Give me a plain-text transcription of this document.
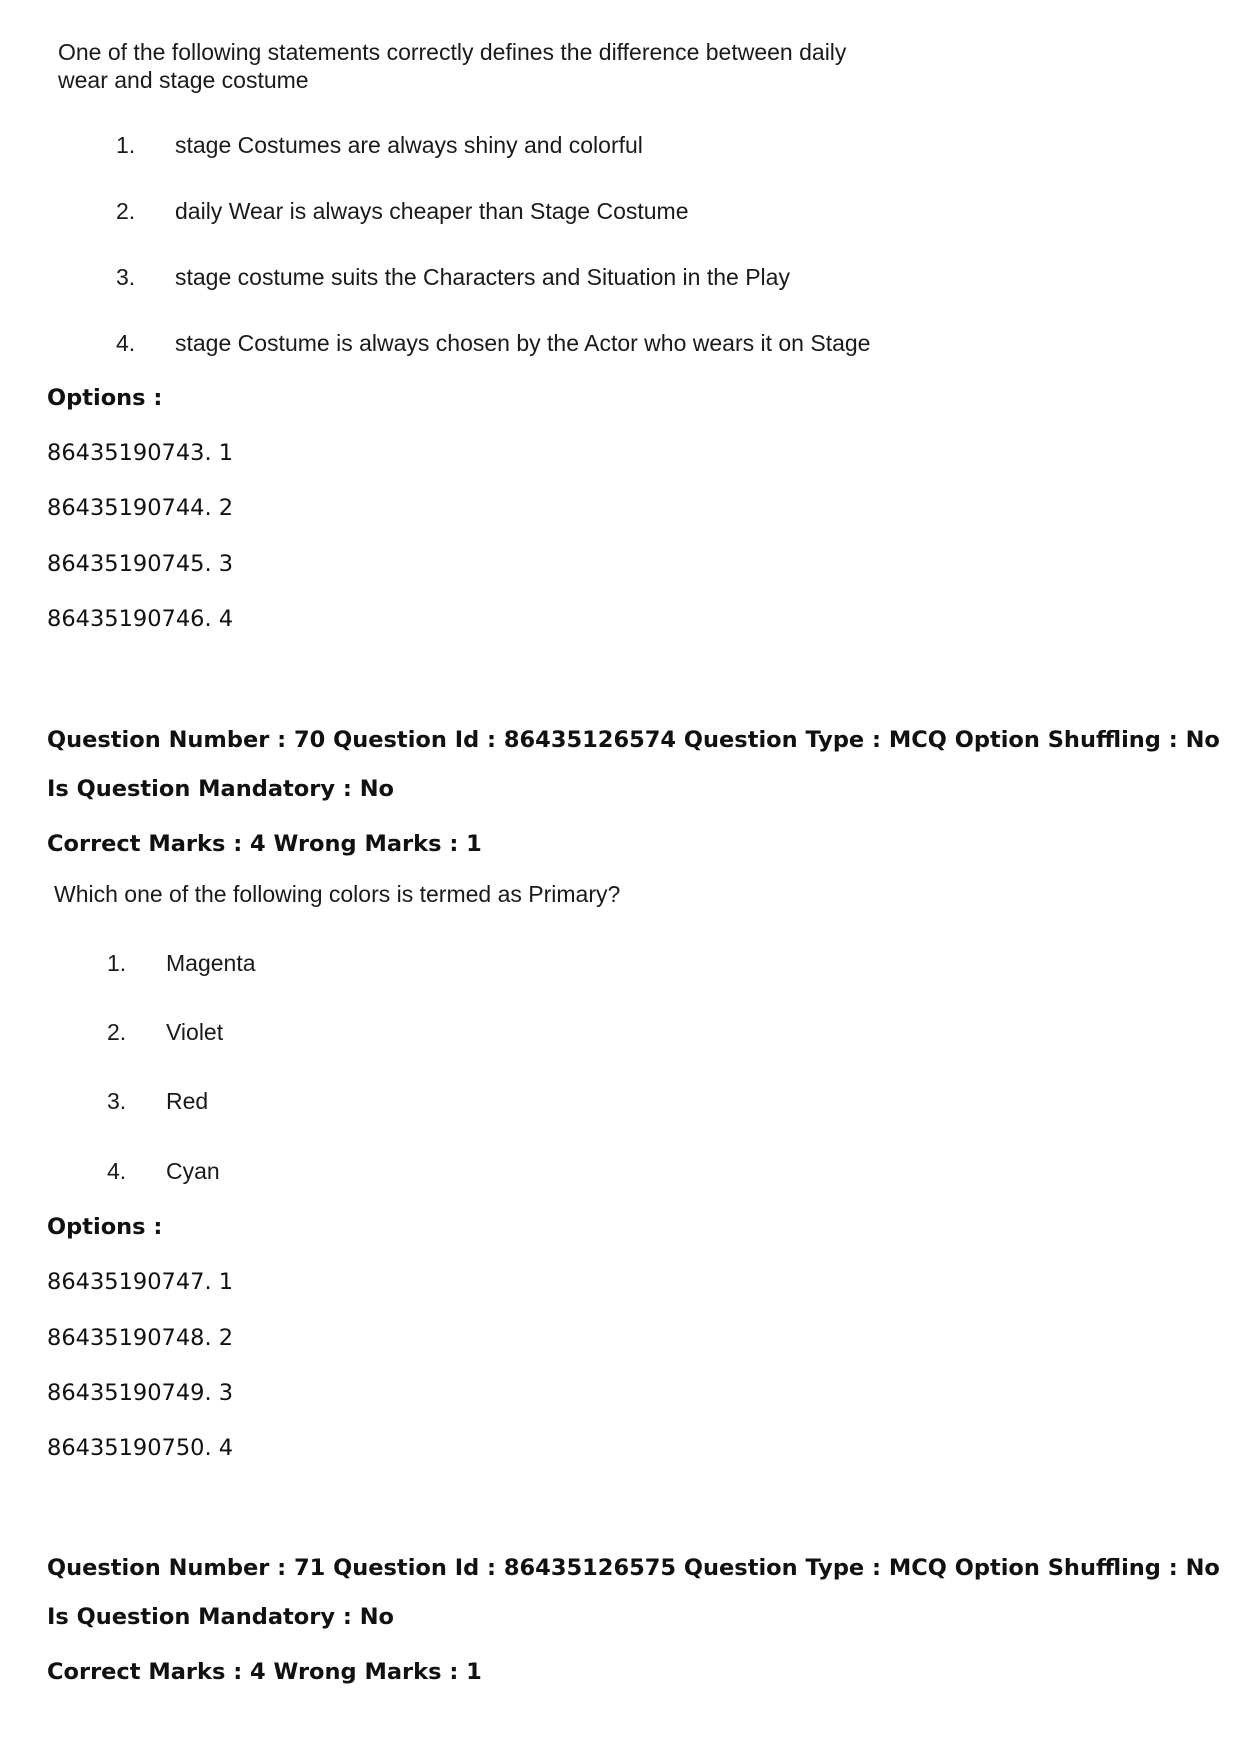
One of the following statements correctly defines the difference between daily
wear and stage costume
1. stage Costumes are always shiny and colorful
2. daily Wear is always cheaper than Stage Costume
3. stage costume suits the Characters and Situation in the Play
4. stage Costume is always chosen by the Actor who wears it on Stage
Options :
86435190743. 1
86435190744. 2
86435190745. 3
86435190746. 4
Question Number : 70 Question Id : 86435126574 Question Type : MCQ Option Shuffling : No
Is Question Mandatory : No
Correct Marks : 4 Wrong Marks : 1
Which one of the following colors is termed as Primary?
1. Magenta
2. Violet
3. Red
4. Cyan
Options :
86435190747. 1
86435190748. 2
86435190749. 3
86435190750. 4
Question Number : 71 Question Id : 86435126575 Question Type : MCQ Option Shuffling : No
Is Question Mandatory : No
Correct Marks : 4 Wrong Marks : 1
